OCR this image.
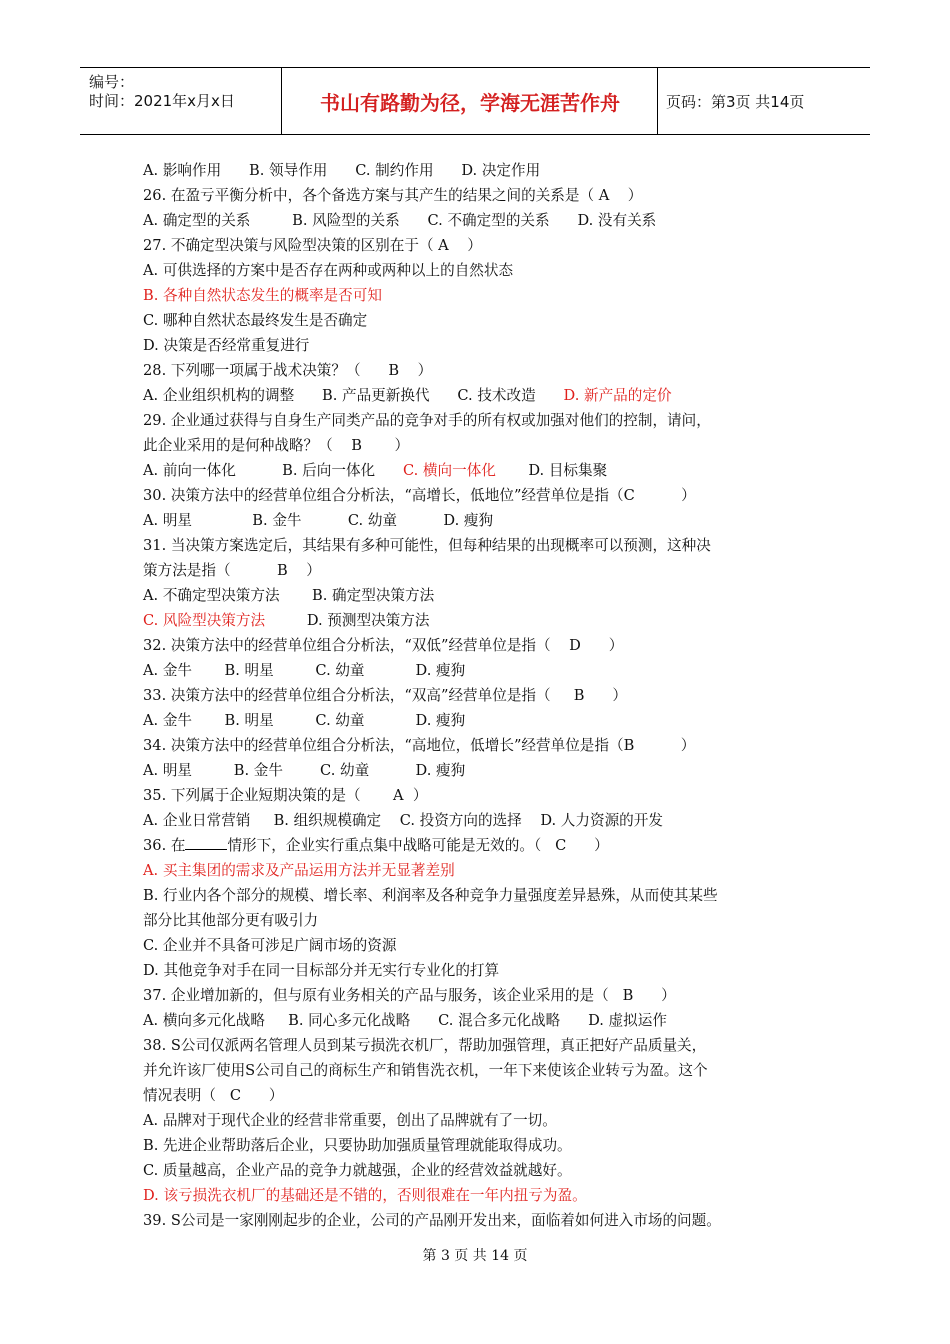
编号：
时间：2021年x月x日	书山有路勤为径，学海无涯苦作舟	页码：第3页 共14页
A. 影响作用      B. 领导作用      C. 制约作用      D. 决定作用
26. 在盈亏平衡分析中，各个备选方案与其产生的结果之间的关系是（ A    ）
A. 确定型的关系         B. 风险型的关系      C. 不确定型的关系      D. 没有关系
27. 不确定型决策与风险型决策的区别在于（ A    ）
A. 可供选择的方案中是否存在两种或两种以上的自然状态
B. 各种自然状态发生的概率是否可知
C. 哪种自然状态最终发生是否确定
D. 决策是否经常重复进行
28. 下列哪一项属于战术决策？（      B    ）
A. 企业组织机构的调整      B. 产品更新换代      C. 技术改造      D. 新产品的定价
29. 企业通过获得与自身生产同类产品的竞争对手的所有权或加强对他们的控制，请问，
此企业采用的是何种战略？（    B       ）
A. 前向一体化          B. 后向一体化      C. 横向一体化       D. 目标集聚
30. 决策方法中的经营单位组合分析法，“高增长，低地位”经营单位是指（C          ）
A. 明星             B. 金牛          C. 幼童          D. 瘦狗
31. 当决策方案选定后，其结果有多种可能性，但每种结果的出现概率可以预测，这种决
策方法是指（          B    ）
A. 不确定型决策方法       B. 确定型决策方法
C. 风险型决策方法         D. 预测型决策方法
32. 决策方法中的经营单位组合分析法，“双低”经营单位是指（    D      ）
A. 金牛       B. 明星         C. 幼童           D. 瘦狗
33. 决策方法中的经营单位组合分析法，“双高”经营单位是指（     B      ）
A. 金牛       B. 明星         C. 幼童           D. 瘦狗
34. 决策方法中的经营单位组合分析法，“高地位，低增长”经营单位是指（B          ）
A. 明星         B. 金牛        C. 幼童          D. 瘦狗
35. 下列属于企业短期决策的是（       A  ）
A. 企业日常营销     B. 组织规模确定    C. 投资方向的选择    D. 人力资源的开发
36. 在	情形下，企业实行重点集中战略可能是无效的。（   C      ）
A. 买主集团的需求及产品运用方法并无显著差别
B. 行业内各个部分的规模、增长率、利润率及各种竞争力量强度差异悬殊，从而使其某些
部分比其他部分更有吸引力
C. 企业并不具备可涉足广阔市场的资源
D. 其他竞争对手在同一目标部分并无实行专业化的打算
37. 企业增加新的，但与原有业务相关的产品与服务，该企业采用的是（   B      ）
A. 横向多元化战略     B. 同心多元化战略      C. 混合多元化战略      D. 虚拟运作
38. S公司仅派两名管理人员到某亏损洗衣机厂，帮助加强管理，真正把好产品质量关，
并允许该厂使用S公司自己的商标生产和销售洗衣机，一年下来使该企业转亏为盈。这个
情况表明（   C      ）
A. 品牌对于现代企业的经营非常重要，创出了品牌就有了一切。
B. 先进企业帮助落后企业，只要协助加强质量管理就能取得成功。
C. 质量越高，企业产品的竞争力就越强，企业的经营效益就越好。
D. 该亏损洗衣机厂的基础还是不错的，否则很难在一年内扭亏为盈。
39. S公司是一家刚刚起步的企业，公司的产品刚开发出来，面临着如何进入市场的问题。
第 3 页 共 14 页
